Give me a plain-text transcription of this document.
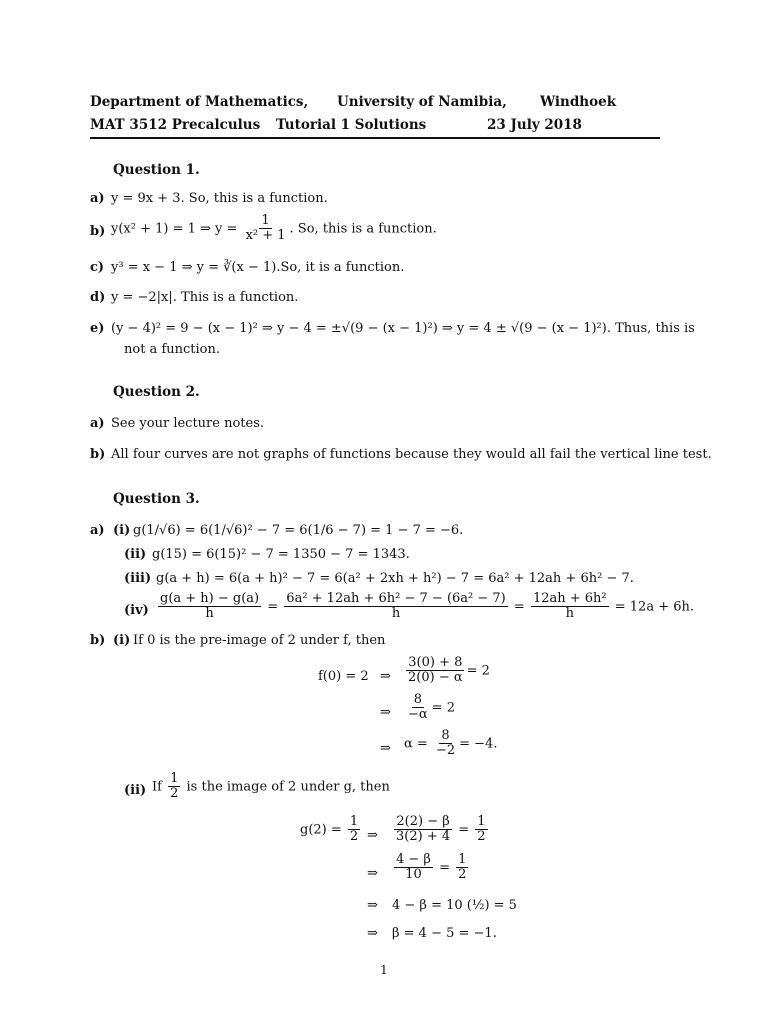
Department of Mathematics, University of Namibia, Windhoek
MAT 3512 Precalculus Tutorial 1 Solutions	23 July 2018
Question 1.
a) y = 9x + 3. So, this is a function.
b) y(x² + 1) = 1 ⇒ $y = \frac{1}{\text{x² + 1}}$ . So, this is a function.
c) y³ = x − 1 ⇒ y = ∛(x − 1).So, it is a function.
d) y = −2|x|. This is a function.
e) (y − 4)² = 9 − (x − 1)² ⇒ y − 4 = ±√(9 − (x − 1)²) ⇒ y = 4 ± √(9 − (x − 1)²). Thus, this is
not a function.
Question 2.
a) See your lecture notes.
b) All four curves are not graphs of functions because they would all fail the vertical line test.
Question 3.
a) (i) g(1/√6) = 6(1/√6)² − 7 = 6(1/6 − 7) = 1 − 7 = −6.
(ii) g(15) = 6(15)² − 7 = 1350 − 7 = 1343.
(iii) g(a + h) = 6(a + h)² − 7 = 6(a² + 2xh + h²) − 7 = 6a² + 12ah + 6h² − 7.
$(iv) \frac{g(a + h) - g(a)}{h} = \frac{\text{6a² + 12ah + 6h² − 7 − (6a² − 7)}}{h} = \frac{\text{12ah + 6h²}}{h} = 12a + 6h$.
b) (i) If 0 is the pre-image of 2 under f, then
f(0) = 2 ⇒ $\frac{3(0) + 8}{2(0) - \alpha} = 2$
⇒ $\frac{8}{-\alpha} = 2$
⇒ $\alpha = \frac{8}{-2} = -4$.
(ii) If $\frac{1}{2}$ is the image of 2 under g, then
$g(2) = \frac{1}{2}$ ⇒ $\frac{2(2) - \beta}{3(2) + 4} = \frac{1}{2}$
⇒ $\frac{4 - \beta}{10} = \frac{1}{2}$
⇒ 4 − β = 10 (½) = 5
⇒ β = 4 − 5 = −1.
1
